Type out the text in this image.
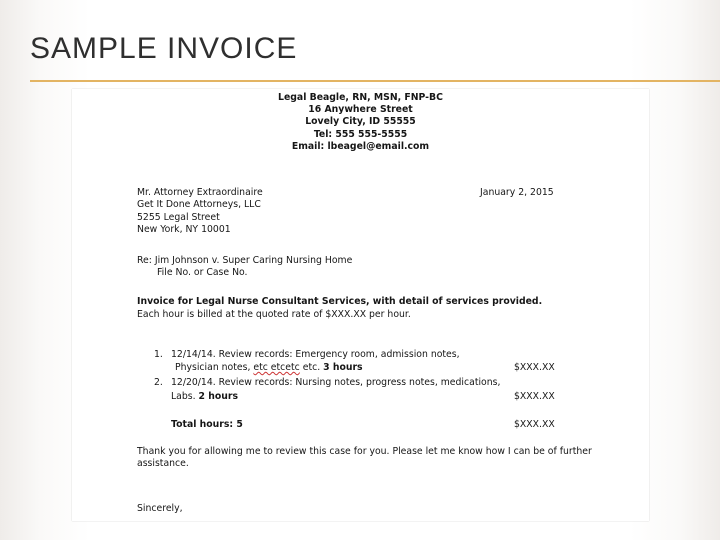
SAMPLE INVOICE
Legal Beagle, RN, MSN, FNP-BC
16 Anywhere Street
Lovely City, ID 55555
Tel: 555 555-5555
Email: lbeagel@email.com
Mr. Attorney Extraordinaire
Get It Done Attorneys, LLC
5255 Legal Street
New York, NY 10001
January 2, 2015
Re: Jim Johnson v. Super Caring Nursing Home
File No. or Case No.
Invoice for Legal Nurse Consultant Services, with detail of services provided.
Each hour is billed at the quoted rate of $XXX.XX per hour.
1. 12/14/14. Review records: Emergency room, admission notes,
Physician notes, etc etcetc etc. 3 hours	$XXX.XX
2. 12/20/14. Review records: Nursing notes, progress notes, medications,
Labs. 2 hours	$XXX.XX
Total hours: 5	$XXX.XX
Thank you for allowing me to review this case for you. Please let me know how I can be of further
assistance.
Sincerely,
